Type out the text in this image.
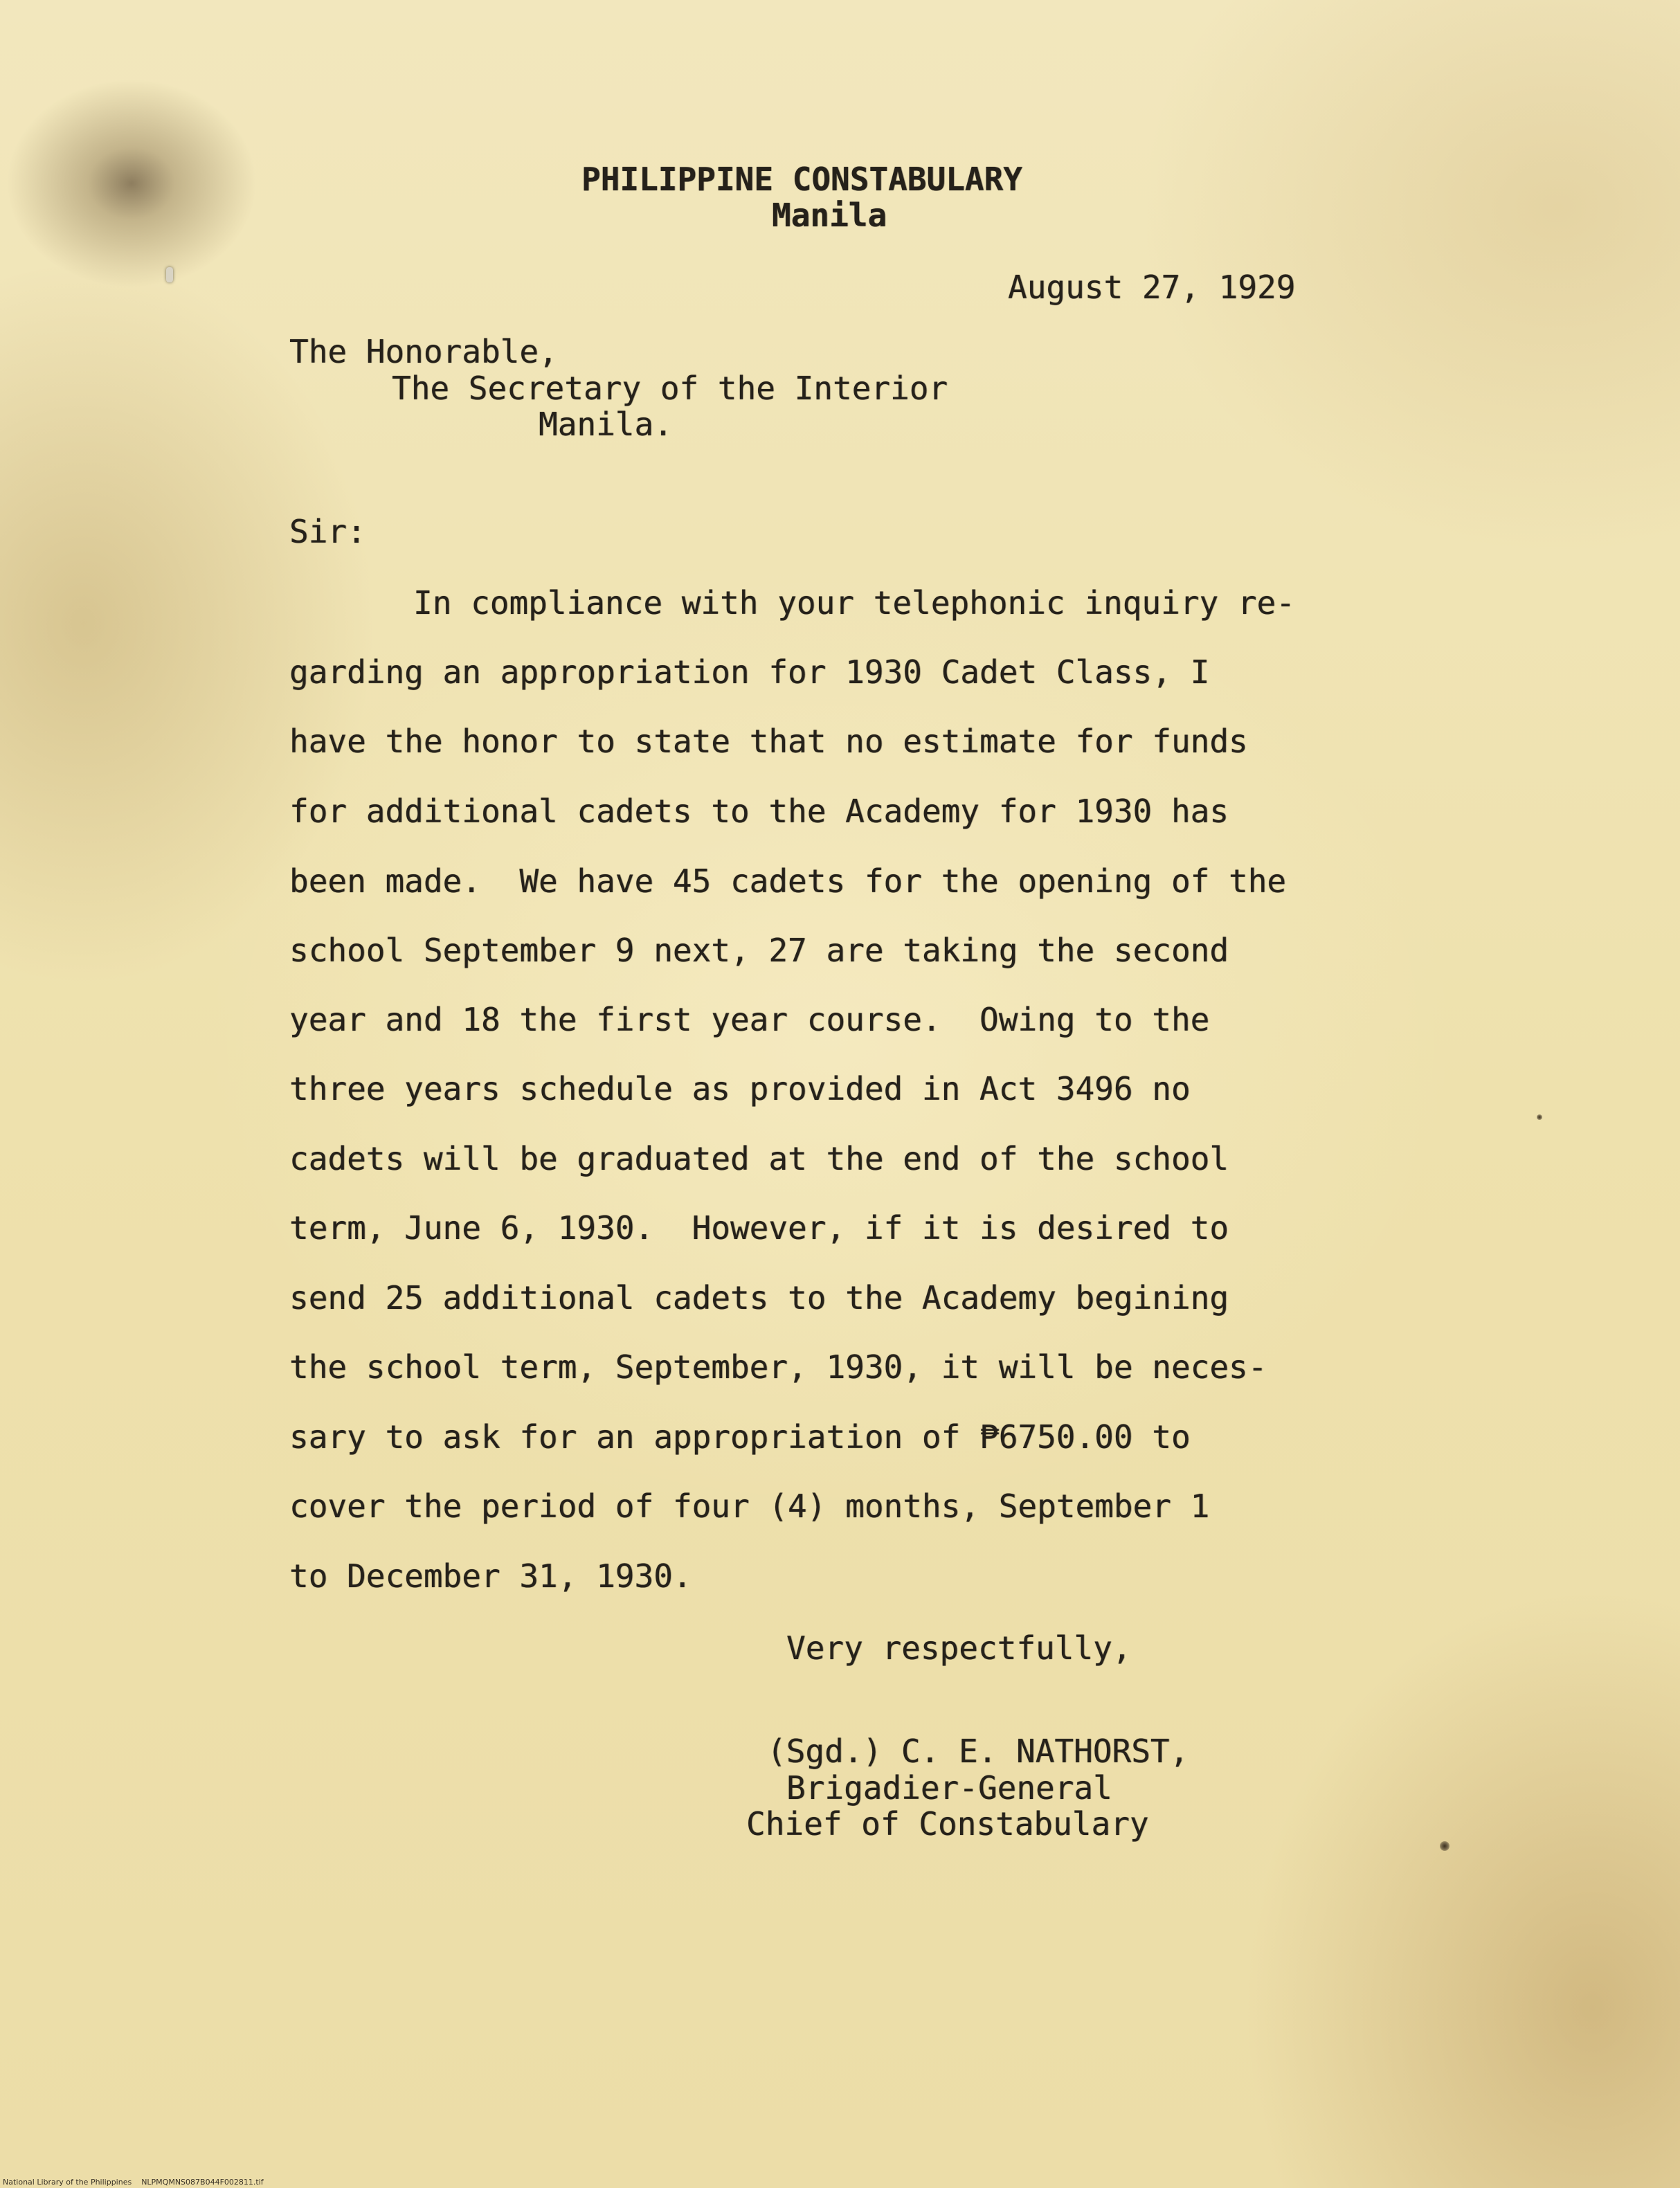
PHILIPPINE CONSTABULARY
Manila
August 27, 1929
The Honorable,
The Secretary of the Interior
Manila.
Sir:
In compliance with your telephonic inquiry re-
garding an appropriation for 1930 Cadet Class, I
have the honor to state that no estimate for funds
for additional cadets to the Academy for 1930 has
been made.  We have 45 cadets for the opening of the
school September 9 next, 27 are taking the second
year and 18 the first year course.  Owing to the
three years schedule as provided in Act 3496 no
cadets will be graduated at the end of the school
term, June 6, 1930.  However, if it is desired to
send 25 additional cadets to the Academy begining
the school term, September, 1930, it will be neces-
sary to ask for an appropriation of ₱6750.00 to
cover the period of four (4) months, September 1
to December 31, 1930.
Very respectfully,
(Sgd.) C. E. NATHORST,
Brigadier-General
Chief of Constabulary
National Library of the Philippines    NLPMQMNS087B044F002811.tif
